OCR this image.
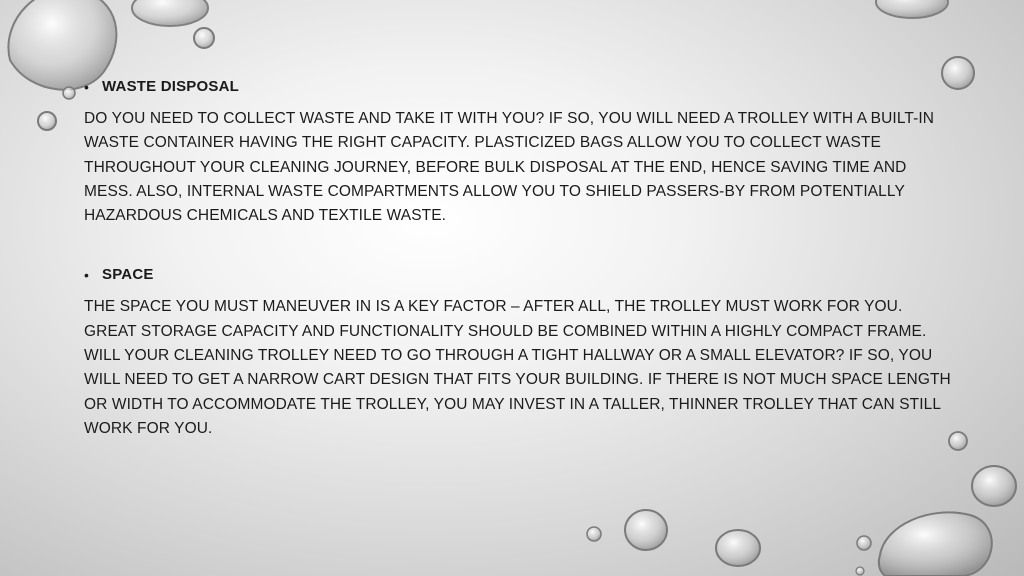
• WASTE DISPOSAL

DO YOU NEED TO COLLECT WASTE AND TAKE IT WITH YOU? IF SO, YOU WILL NEED A TROLLEY WITH A BUILT-IN WASTE CONTAINER HAVING THE RIGHT CAPACITY. PLASTICIZED BAGS ALLOW YOU TO COLLECT WASTE THROUGHOUT YOUR CLEANING JOURNEY, BEFORE BULK DISPOSAL AT THE END, HENCE SAVING TIME AND MESS. ALSO, INTERNAL WASTE COMPARTMENTS ALLOW YOU TO SHIELD PASSERS-BY FROM POTENTIALLY HAZARDOUS CHEMICALS AND TEXTILE WASTE.

• SPACE

THE SPACE YOU MUST MANEUVER IN IS A KEY FACTOR – AFTER ALL, THE TROLLEY MUST WORK FOR YOU. GREAT STORAGE CAPACITY AND FUNCTIONALITY SHOULD BE COMBINED WITHIN A HIGHLY COMPACT FRAME. WILL YOUR CLEANING TROLLEY NEED TO GO THROUGH A TIGHT HALLWAY OR A SMALL ELEVATOR? IF SO, YOU WILL NEED TO GET A NARROW CART DESIGN THAT FITS YOUR BUILDING. IF THERE IS NOT MUCH SPACE LENGTH OR WIDTH TO ACCOMMODATE THE TROLLEY, YOU MAY INVEST IN A TALLER, THINNER TROLLEY THAT CAN STILL WORK FOR YOU.
